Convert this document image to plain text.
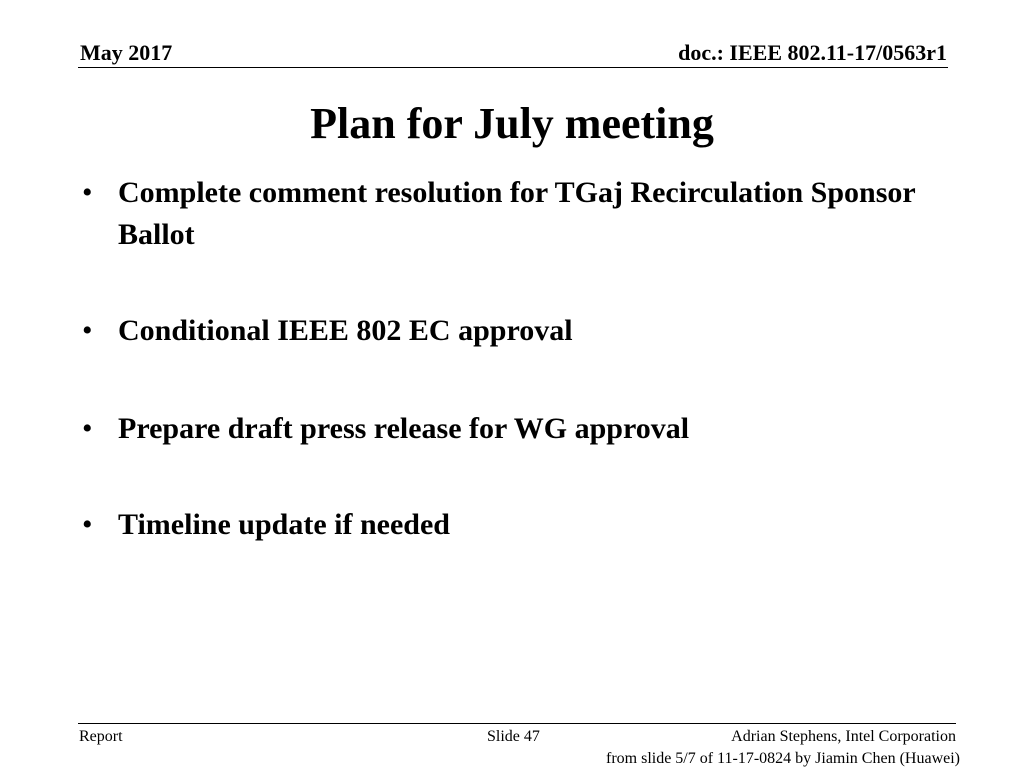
May 2017	doc.: IEEE 802.11-17/0563r1
Plan for July meeting
• Complete comment resolution for TGaj Recirculation Sponsor Ballot
• Conditional IEEE 802 EC approval
• Prepare draft press release for WG approval
• Timeline update if needed
Report	Slide 47	Adrian Stephens, Intel Corporation
from slide 5/7 of 11-17-0824 by Jiamin Chen (Huawei)
